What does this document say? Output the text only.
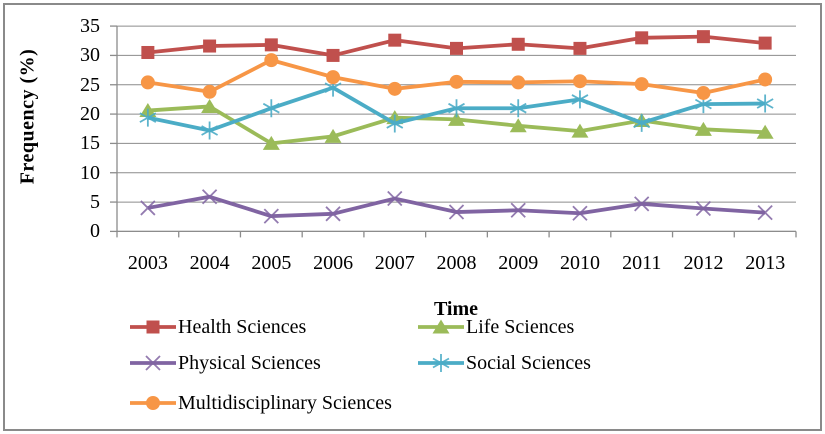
Frequency (%)
0
5
10
15
20
25
30
35
2003	2004	2005	2006	2007	2008	2009	2010	2011	2012	2013
Time
Health Sciences	Life Sciences
Physical Sciences	Social Sciences
Multidisciplinary Sciences
